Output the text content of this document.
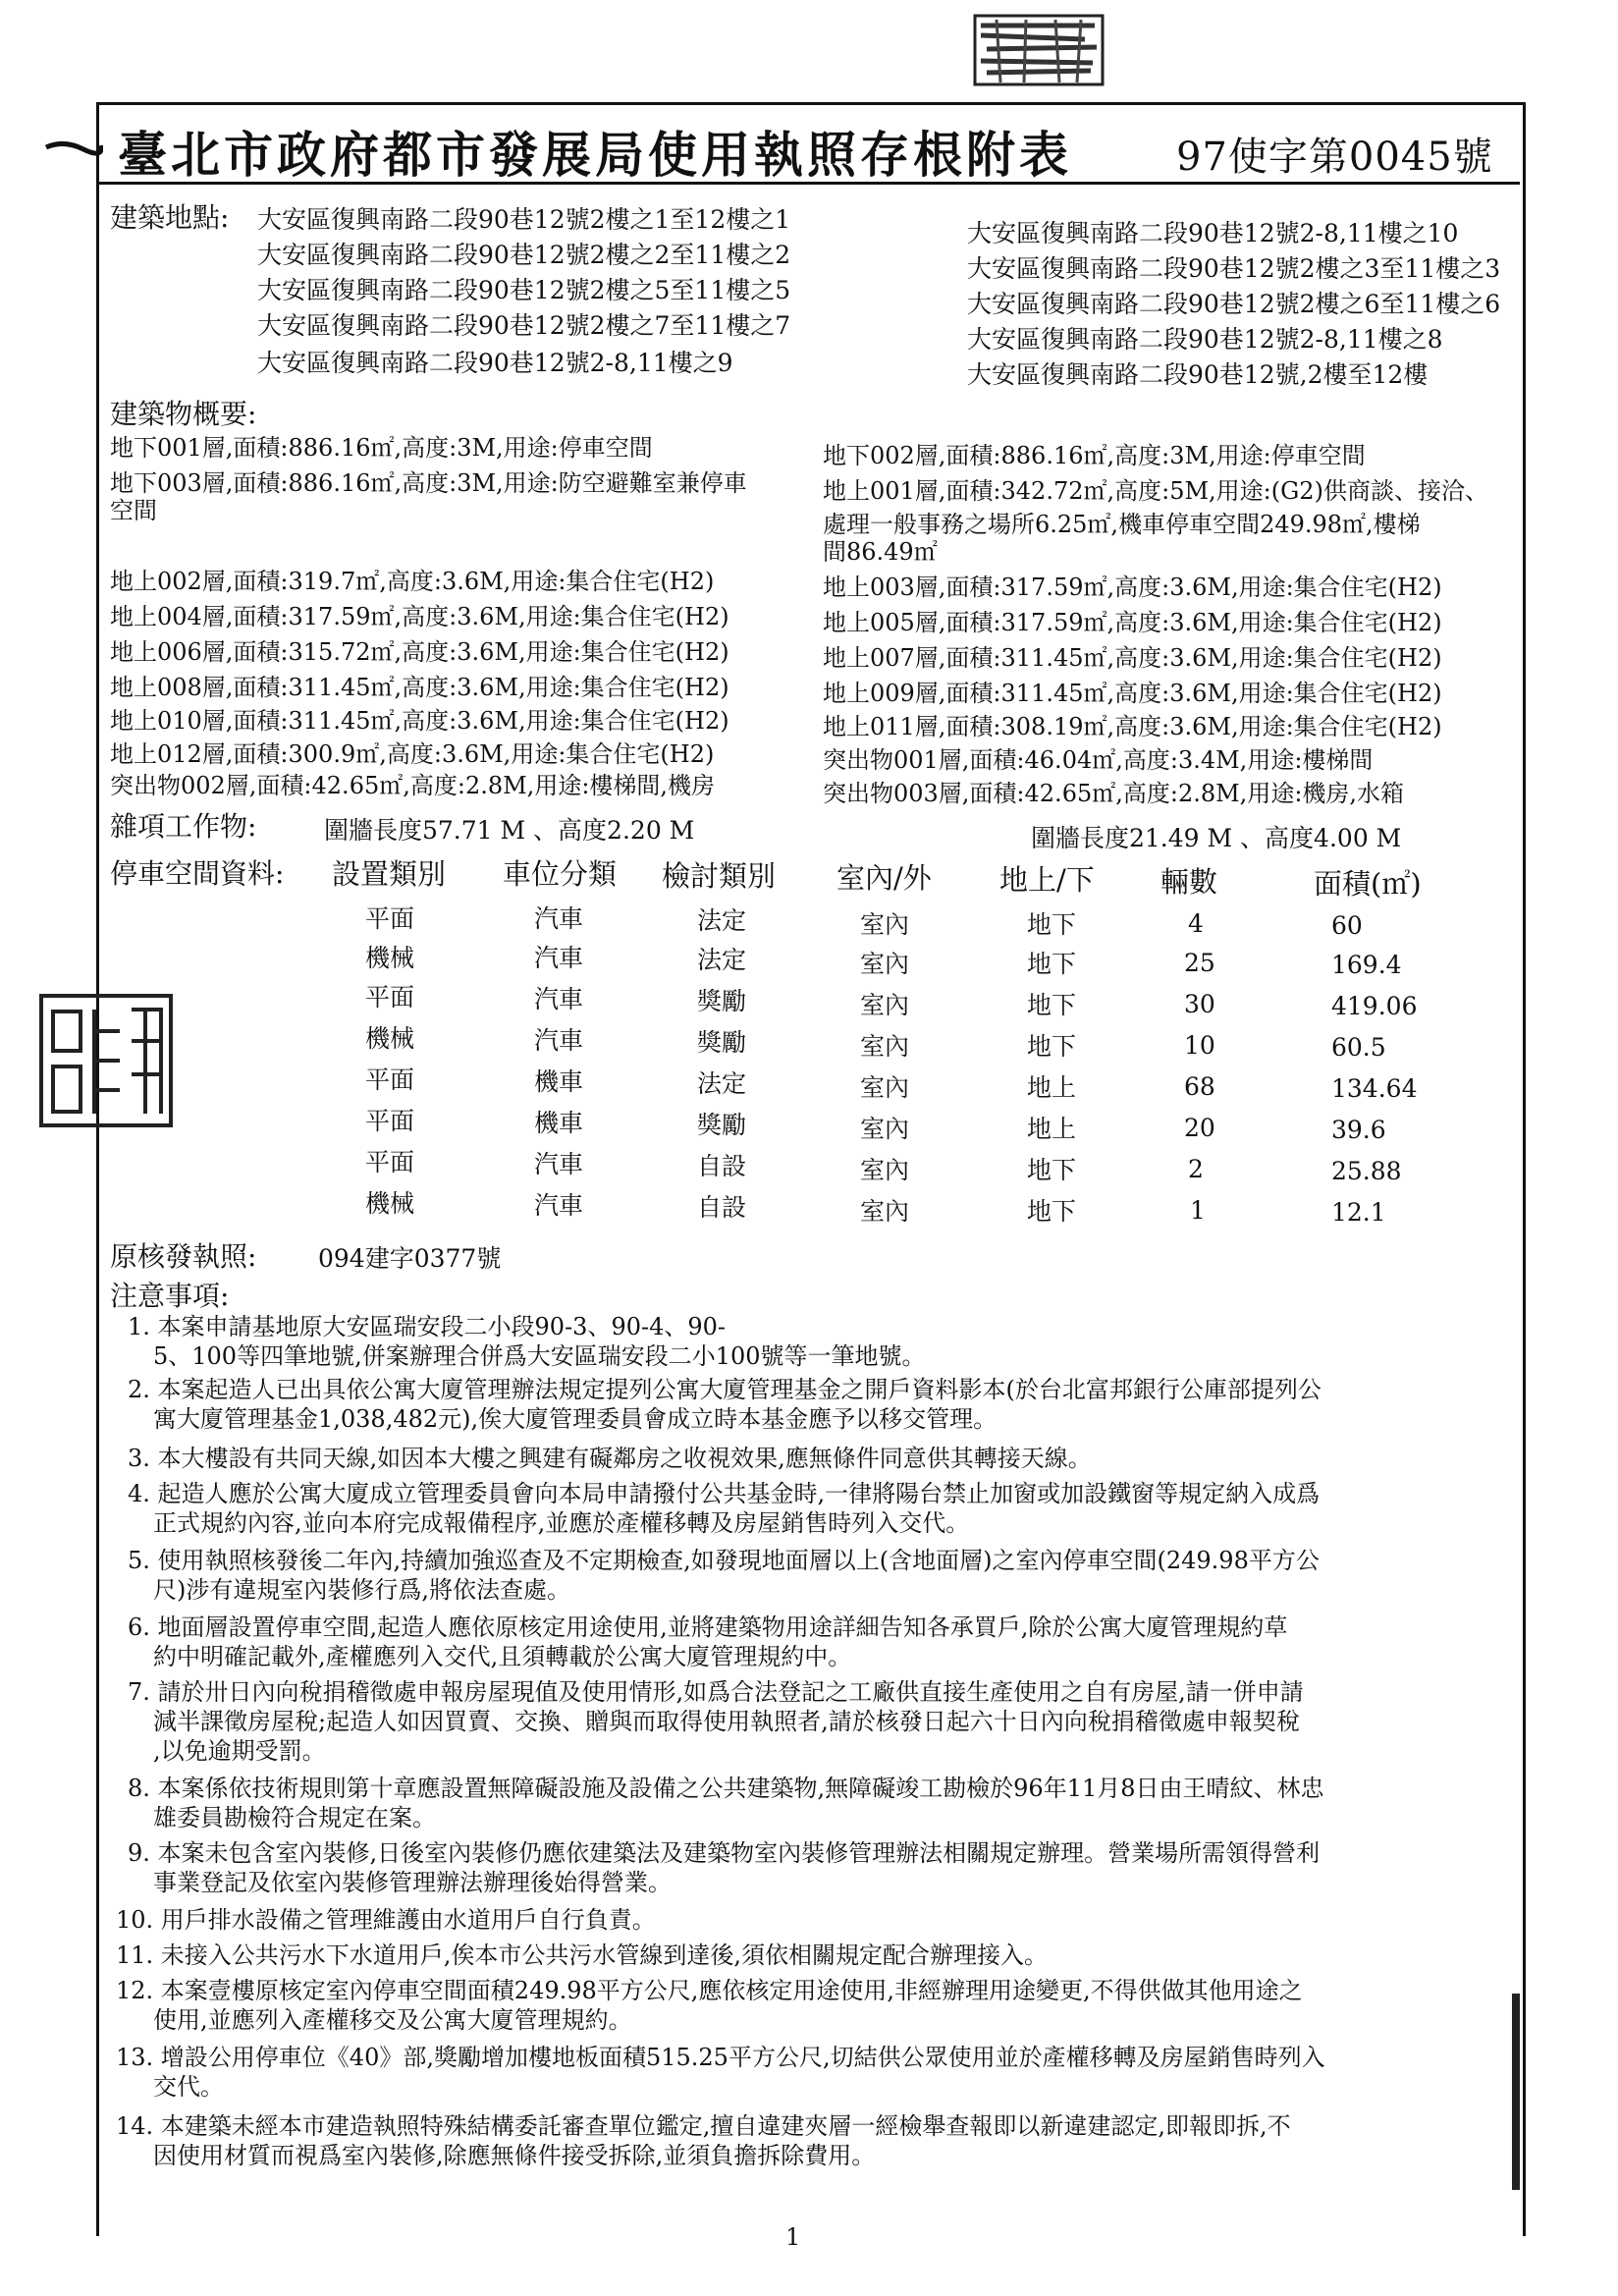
臺北市政府都市發展局使用執照存根附表	97使字第0045號
建築地點: 大安區復興南路二段90巷12號2樓之1至12樓之1
大安區復興南路二段90巷12號2樓之2至11樓之2
大安區復興南路二段90巷12號2樓之5至11樓之5
大安區復興南路二段90巷12號2樓之7至11樓之7
大安區復興南路二段90巷12號2-8,11樓之9
大安區復興南路二段90巷12號2-8,11樓之10
大安區復興南路二段90巷12號2樓之3至11樓之3
大安區復興南路二段90巷12號2樓之6至11樓之6
大安區復興南路二段90巷12號2-8,11樓之8
大安區復興南路二段90巷12號,2樓至12樓
建築物概要:
地下001層,面積:886.16㎡,高度:3M,用途:停車空間
地下003層,面積:886.16㎡,高度:3M,用途:防空避難室兼停車
空間
地上002層,面積:319.7㎡,高度:3.6M,用途:集合住宅(H2)
地上004層,面積:317.59㎡,高度:3.6M,用途:集合住宅(H2)
地上006層,面積:315.72㎡,高度:3.6M,用途:集合住宅(H2)
地上008層,面積:311.45㎡,高度:3.6M,用途:集合住宅(H2)
地上010層,面積:311.45㎡,高度:3.6M,用途:集合住宅(H2)
地上012層,面積:300.9㎡,高度:3.6M,用途:集合住宅(H2)
突出物002層,面積:42.65㎡,高度:2.8M,用途:樓梯間,機房
地下002層,面積:886.16㎡,高度:3M,用途:停車空間
地上001層,面積:342.72㎡,高度:5M,用途:(G2)供商談、接洽、
處理一般事務之場所6.25㎡,機車停車空間249.98㎡,樓梯
間86.49㎡
地上003層,面積:317.59㎡,高度:3.6M,用途:集合住宅(H2)
地上005層,面積:317.59㎡,高度:3.6M,用途:集合住宅(H2)
地上007層,面積:311.45㎡,高度:3.6M,用途:集合住宅(H2)
地上009層,面積:311.45㎡,高度:3.6M,用途:集合住宅(H2)
地上011層,面積:308.19㎡,高度:3.6M,用途:集合住宅(H2)
突出物001層,面積:46.04㎡,高度:3.4M,用途:樓梯間
突出物003層,面積:42.65㎡,高度:2.8M,用途:機房,水箱
雜項工作物:	圍牆長度57.71 M 、高度2.20 M	圍牆長度21.49 M 、高度4.00 M
停車空間資料: 設置類別 車位分類 檢討類別 室內/外 地上/下 輛數	面積(㎡)
平面	汽車	法定	室內	地下	4	60
機械	汽車	法定	室內	地下	25	169.4
平面	汽車	獎勵	室內	地下	30	419.06
機械	汽車	獎勵	室內	地下	10	60.5
平面	機車	法定	室內	地上	68	134.64
平面	機車	獎勵	室內	地上	20	39.6
平面	汽車	自設	室內	地下	2	25.88
機械	汽車	自設	室內	地下	1	12.1
原核發執照:	094建字0377號
注意事項:
1. 本案申請基地原大安區瑞安段二小段90-3、90-4、90-
5、100等四筆地號,併案辦理合併爲大安區瑞安段二小100號等一筆地號。
2. 本案起造人已出具依公寓大廈管理辦法規定提列公寓大廈管理基金之開戶資料影本(於台北富邦銀行公庫部提列公
寓大廈管理基金1,038,482元),俟大廈管理委員會成立時本基金應予以移交管理。
3. 本大樓設有共同天線,如因本大樓之興建有礙鄰房之收視效果,應無條件同意供其轉接天線。
4. 起造人應於公寓大廈成立管理委員會向本局申請撥付公共基金時,一律將陽台禁止加窗或加設鐵窗等規定納入成爲
正式規約內容,並向本府完成報備程序,並應於產權移轉及房屋銷售時列入交代。
5. 使用執照核發後二年內,持續加強巡查及不定期檢查,如發現地面層以上(含地面層)之室內停車空間(249.98平方公
尺)涉有違規室內裝修行爲,將依法查處。
6. 地面層設置停車空間,起造人應依原核定用途使用,並將建築物用途詳細告知各承買戶,除於公寓大廈管理規約草
約中明確記載外,產權應列入交代,且須轉載於公寓大廈管理規約中。
7. 請於卅日內向稅捐稽徵處申報房屋現值及使用情形,如爲合法登記之工廠供直接生產使用之自有房屋,請一併申請
減半課徵房屋稅;起造人如因買賣、交換、贈與而取得使用執照者,請於核發日起六十日內向稅捐稽徵處申報契稅
,以免逾期受罰。
8. 本案係依技術規則第十章應設置無障礙設施及設備之公共建築物,無障礙竣工勘檢於96年11月8日由王晴紋、林忠
雄委員勘檢符合規定在案。
9. 本案未包含室內裝修,日後室內裝修仍應依建築法及建築物室內裝修管理辦法相關規定辦理。營業場所需領得營利
事業登記及依室內裝修管理辦法辦理後始得營業。
10. 用戶排水設備之管理維護由水道用戶自行負責。
11. 未接入公共污水下水道用戶,俟本市公共污水管線到達後,須依相關規定配合辦理接入。
12. 本案壹樓原核定室內停車空間面積249.98平方公尺,應依核定用途使用,非經辦理用途變更,不得供做其他用途之
使用,並應列入產權移交及公寓大廈管理規約。
13. 增設公用停車位《40》部,獎勵增加樓地板面積515.25平方公尺,切結供公眾使用並於產權移轉及房屋銷售時列入
交代。
14. 本建築未經本市建造執照特殊結構委託審查單位鑑定,擅自違建夾層一經檢舉查報即以新違建認定,即報即拆,不
因使用材質而視爲室內裝修,除應無條件接受拆除,並須負擔拆除費用。
1
